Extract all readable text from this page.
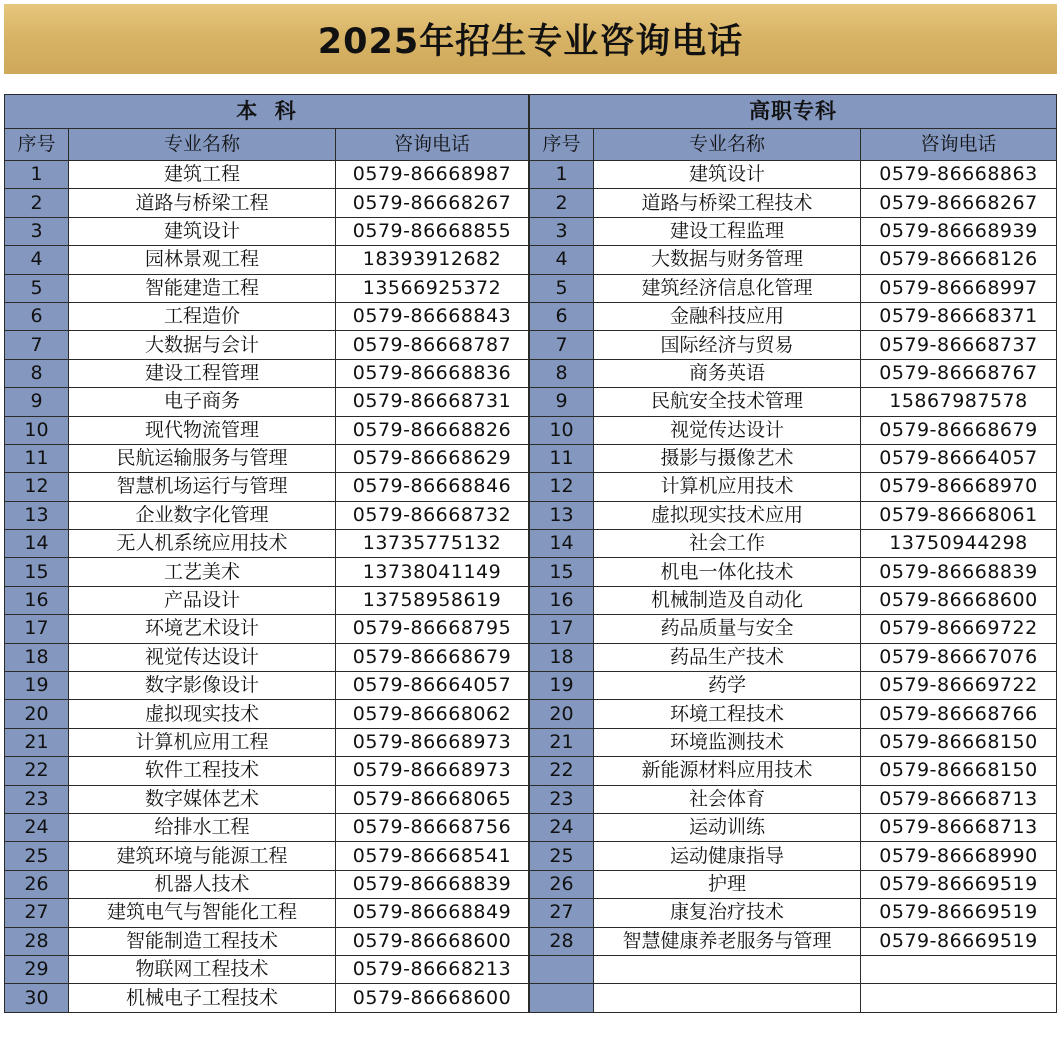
2025年招生专业咨询电话
本  科		
序号	专业名称	咨询电话
1	建筑工程	0579-86668987
2	道路与桥梁工程	0579-86668267
3	建筑设计	0579-86668855
4	园林景观工程	18393912682
5	智能建造工程	13566925372
6	工程造价	0579-86668843
7	大数据与会计	0579-86668787
8	建设工程管理	0579-86668836
9	电子商务	0579-86668731
10	现代物流管理	0579-86668826
11	民航运输服务与管理	0579-86668629
12	智慧机场运行与管理	0579-86668846
13	企业数字化管理	0579-86668732
14	无人机系统应用技术	13735775132
15	工艺美术	13738041149
16	产品设计	13758958619
17	环境艺术设计	0579-86668795
18	视觉传达设计	0579-86668679
19	数字影像设计	0579-86664057
20	虚拟现实技术	0579-86668062
21	计算机应用工程	0579-86668973
22	软件工程技术	0579-86668973
23	数字媒体艺术	0579-86668065
24	给排水工程	0579-86668756
25	建筑环境与能源工程	0579-86668541
26	机器人技术	0579-86668839
27	建筑电气与智能化工程	0579-86668849
28	智能制造工程技术	0579-86668600
29	物联网工程技术	0579-86668213
30	机械电子工程技术	0579-86668600
高职专科		
序号	专业名称	咨询电话
1	建筑设计	0579-86668863
2	道路与桥梁工程技术	0579-86668267
3	建设工程监理	0579-86668939
4	大数据与财务管理	0579-86668126
5	建筑经济信息化管理	0579-86668997
6	金融科技应用	0579-86668371
7	国际经济与贸易	0579-86668737
8	商务英语	0579-86668767
9	民航安全技术管理	15867987578
10	视觉传达设计	0579-86668679
11	摄影与摄像艺术	0579-86664057
12	计算机应用技术	0579-86668970
13	虚拟现实技术应用	0579-86668061
14	社会工作	13750944298
15	机电一体化技术	0579-86668839
16	机械制造及自动化	0579-86668600
17	药品质量与安全	0579-86669722
18	药品生产技术	0579-86667076
19	药学	0579-86669722
20	环境工程技术	0579-86668766
21	环境监测技术	0579-86668150
22	新能源材料应用技术	0579-86668150
23	社会体育	0579-86668713
24	运动训练	0579-86668713
25	运动健康指导	0579-86668990
26	护理	0579-86669519
27	康复治疗技术	0579-86669519
28	智慧健康养老服务与管理	0579-86669519
